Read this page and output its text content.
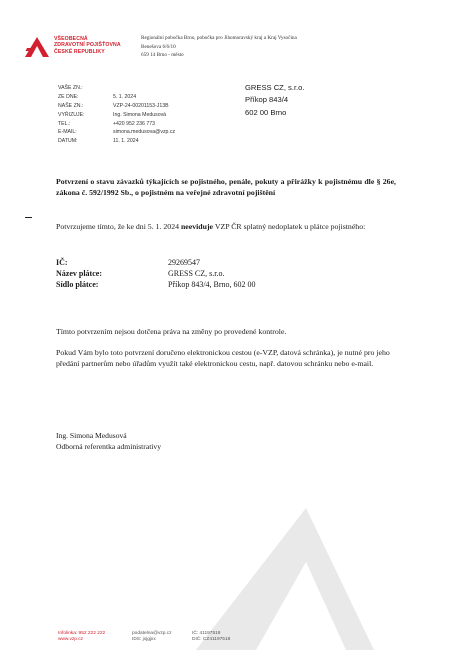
VŠEOBECNÁ
ZDRAVOTNÍ POJIŠŤOVNA
ČESKÉ REPUBLIKY
Regionální pobočka Brno, pobočka pro Jihomoravský kraj a Kraj Vysočina
Benešova 6/6/10
659 14 Brno - město
VAŠE ZN.:
ZE DNE:	5. 1. 2024
NAŠE ZN.:	VZP-24-00201153-J13B
VYŘIZUJE:	Ing. Simona Medusová
TEL.:	+420 952 236 773
E-MAIL:	simona.medusova@vzp.cz
DATUM:	11. 1. 2024
GRESS CZ, s.r.o.
Příkop 843/4
602 00 Brno
Potvrzení o stavu závazků týkajících se pojistného, penále, pokuty a přirážky k pojistnému dle § 26e, zákona č. 592/1992 Sb., o pojistném na veřejné zdravotní pojištění
Potvrzujeme tímto, že ke dni 5. 1. 2024 neeviduje VZP ČR splatný nedoplatek u plátce pojistného:
IČ:	29269547
Název plátce:	GRESS CZ, s.r.o.
Sídlo plátce:	Příkop 843/4, Brno, 602 00
Tímto potvrzením nejsou dotčena práva na změny po provedené kontrole.
Pokud Vám bylo toto potvrzení doručeno elektronickou cestou (e-VZP, datová schránka), je nutné pro jeho předání partnerům nebo úřadům využít také elektronickou cestu, např. datovou schránku nebo e-mail.
Ing. Simona Medusová
Odborná referentka administrativy
Infolinka: 952 222 222
www.vzp.cz
podatelna@vzp.cz
IDS: jxjgjxx
IČ: 41197518
DIČ: CZ41197518
